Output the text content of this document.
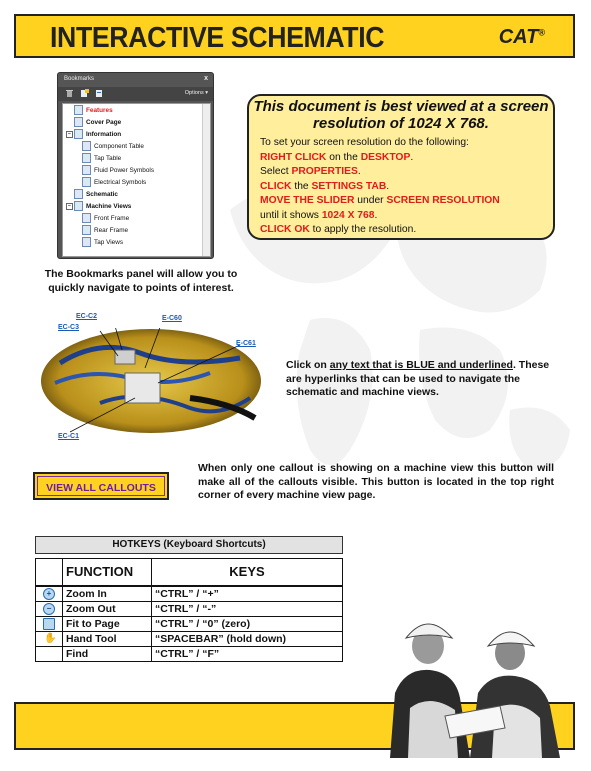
INTERACTIVE SCHEMATIC	CAT®
Bookmarks	x
Options ▾
Features
Cover Page
− Information
Component Table
Tap Table
Fluid Power Symbols
Electrical Symbols
Schematic
− Machine Views
Front Frame
Rear Frame
Tap Views
The Bookmarks panel will allow you to quickly navigate to points of interest.
This document is best viewed at a screen resolution of 1024 X 768.
To set your screen resolution do the following:
RIGHT CLICK on the DESKTOP.
Select PROPERTIES.
CLICK the SETTINGS TAB.
MOVE THE SLIDER under SCREEN RESOLUTION
until it shows 1024 X 768.
CLICK OK to apply the resolution.
EC-C2
EC-C3
E-C60
E-C61
EC-C1
Click on any text that is BLUE and underlined. These are hyperlinks that can be used to navigate the schematic and machine views.
VIEW ALL CALLOUTS
When only one callout is showing on a machine view this button will make all of the callouts visible. This button is located in the top right corner of every machine view page.
HOTKEYS (Keyboard Shortcuts)
	FUNCTION	KEYS
+	Zoom In	“CTRL” / “+”
−	Zoom Out	“CTRL” / “-”
	Fit to Page	“CTRL” / “0” (zero)
✋	Hand Tool	“SPACEBAR” (hold down)
	Find	“CTRL” / “F”
